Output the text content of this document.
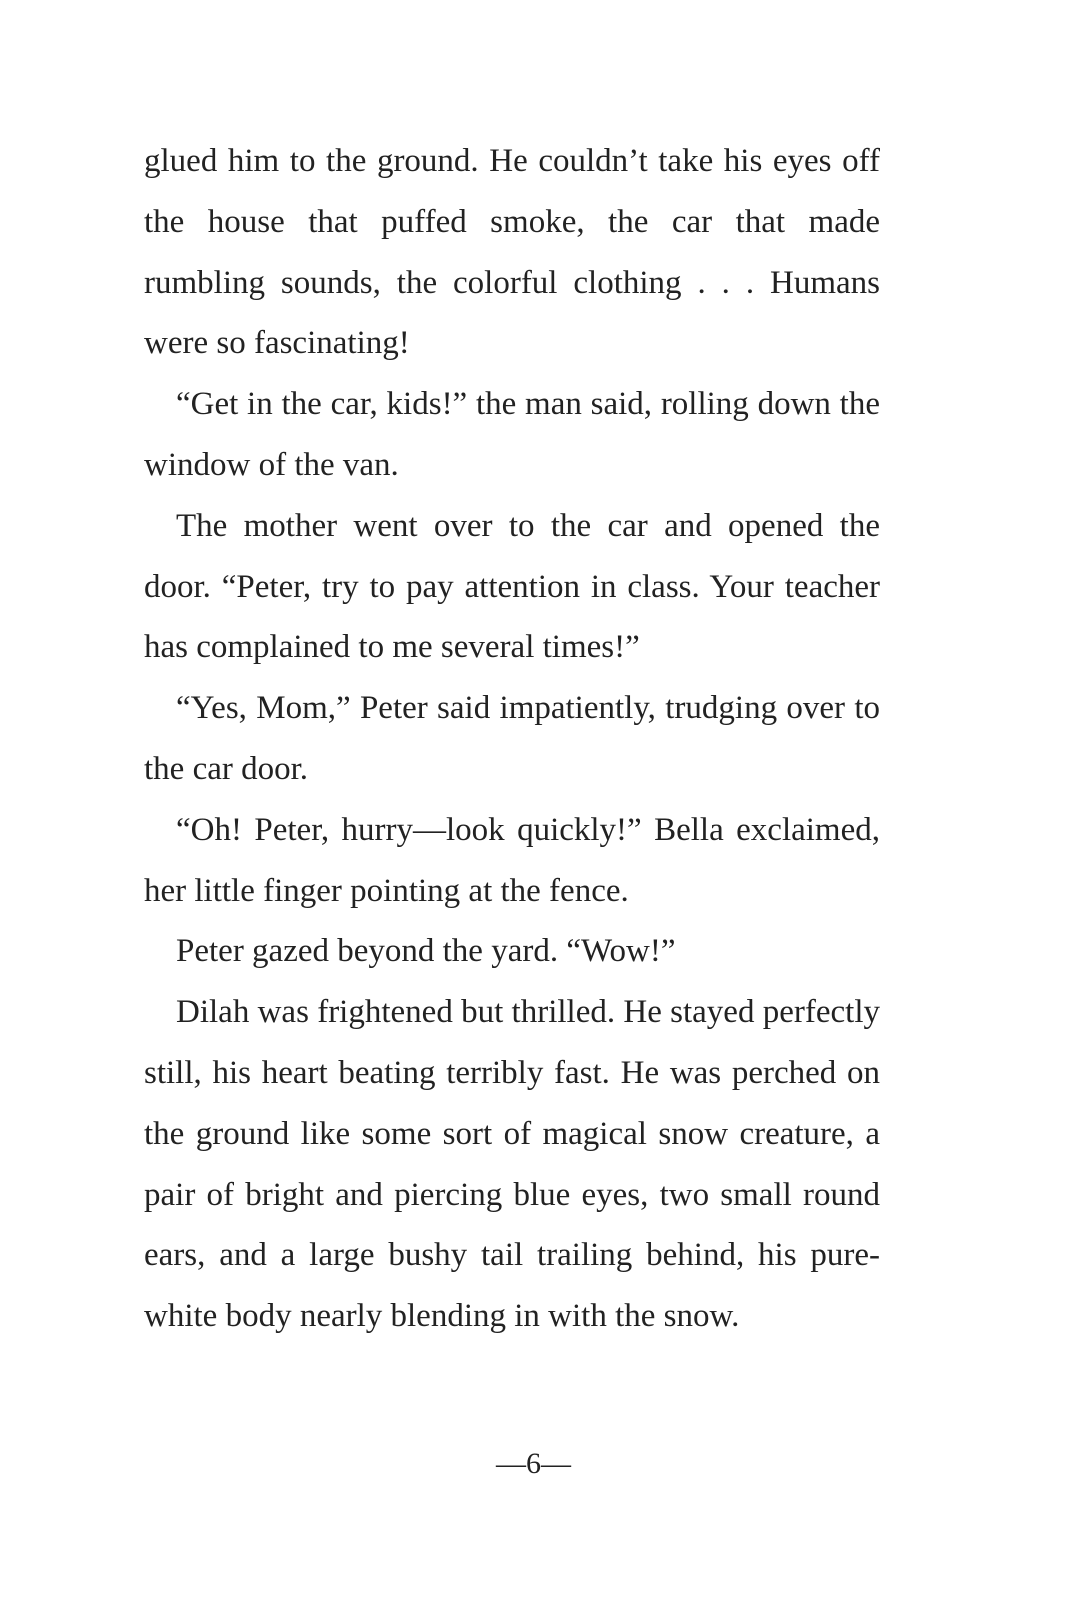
glued him to the ground. He couldn’t take his eyes off the house that puffed smoke, the car that made rumbling sounds, the colorful clothing . . . Humans were so fascinating!

“Get in the car, kids!” the man said, rolling down the window of the van.

The mother went over to the car and opened the door. “Peter, try to pay attention in class. Your teacher has complained to me several times!”

“Yes, Mom,” Peter said impatiently, trudging over to the car door.

“Oh! Peter, hurry—look quickly!” Bella exclaimed, her little finger pointing at the fence.

Peter gazed beyond the yard. “Wow!”

Dilah was frightened but thrilled. He stayed perfectly still, his heart beating terribly fast. He was perched on the ground like some sort of magical snow creature, a pair of bright and piercing blue eyes, two small round ears, and a large bushy tail trailing behind, his pure-white body nearly blending in with the snow.

—6—
